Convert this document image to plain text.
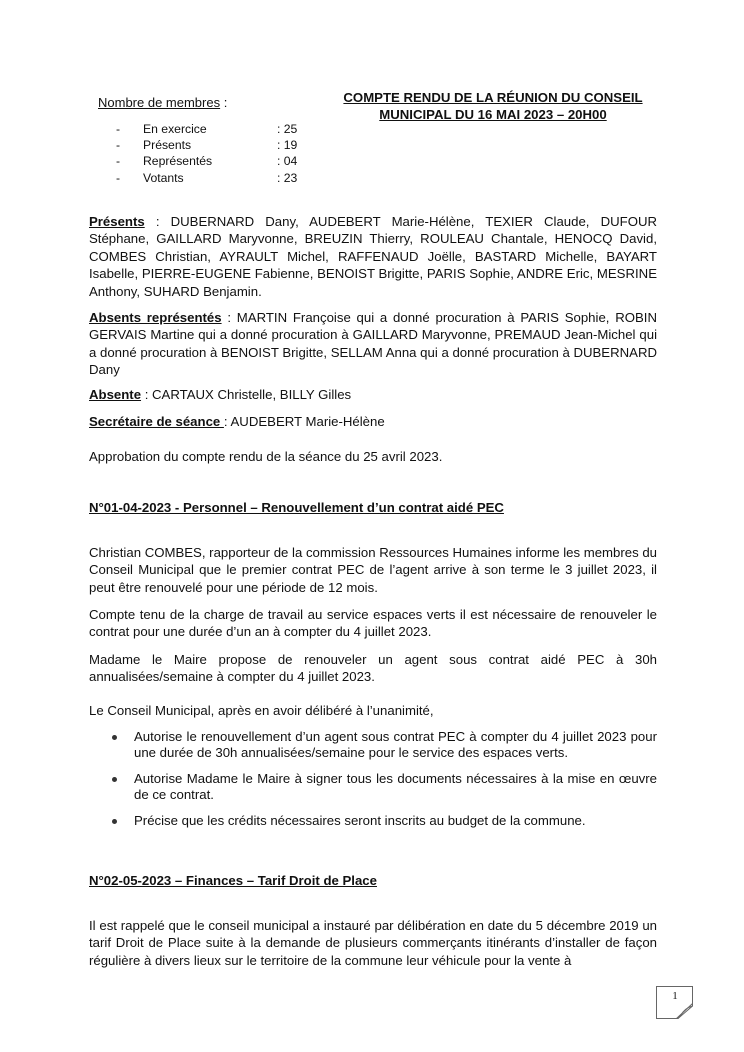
Nombre de membres :
- En exercice	: 25
- Présents	: 19
- Représentés	: 04
- Votants	: 23
COMPTE RENDU DE LA RÉUNION DU CONSEIL
MUNICIPAL DU 16 MAI 2023 – 20H00
Présents : DUBERNARD Dany, AUDEBERT Marie-Hélène, TEXIER Claude, DUFOUR Stéphane, GAILLARD Maryvonne, BREUZIN Thierry, ROULEAU Chantale, HENOCQ David, COMBES Christian, AYRAULT Michel, RAFFENAUD Joëlle, BASTARD Michelle, BAYART Isabelle, PIERRE-EUGENE Fabienne, BENOIST Brigitte, PARIS Sophie, ANDRE Eric, MESRINE Anthony, SUHARD Benjamin.
Absents représentés : MARTIN Françoise qui a donné procuration à PARIS Sophie, ROBIN GERVAIS Martine qui a donné procuration à GAILLARD Maryvonne, PREMAUD Jean-Michel qui a donné procuration à BENOIST Brigitte, SELLAM Anna qui a donné procuration à DUBERNARD Dany
Absente : CARTAUX Christelle, BILLY Gilles
Secrétaire de séance : AUDEBERT Marie-Hélène
Approbation du compte rendu de la séance du 25 avril 2023.
N°01-04-2023 - Personnel – Renouvellement d’un contrat aidé PEC
Christian COMBES, rapporteur de la commission Ressources Humaines informe les membres du Conseil Municipal que le premier contrat PEC de l’agent arrive à son terme le 3 juillet 2023, il peut être renouvelé pour une période de 12 mois.
Compte tenu de la charge de travail au service espaces verts il est nécessaire de renouveler le contrat pour une durée d’un an à compter du 4 juillet 2023.
Madame le Maire propose de renouveler un agent sous contrat aidé PEC à 30h annualisées/semaine à compter du 4 juillet 2023.
Le Conseil Municipal, après en avoir délibéré à l’unanimité,
Autorise le renouvellement d’un agent sous contrat PEC à compter du 4 juillet 2023 pour une durée de 30h annualisées/semaine pour le service des espaces verts.
Autorise Madame le Maire à signer tous les documents nécessaires à la mise en œuvre de ce contrat.
Précise que les crédits nécessaires seront inscrits au budget de la commune.
N°02-05-2023 – Finances – Tarif Droit de Place
Il est rappelé que le conseil municipal a instauré par délibération en date du 5 décembre 2019 un tarif Droit de Place suite à la demande de plusieurs commerçants itinérants d’installer de façon régulière à divers lieux sur le territoire de la commune leur véhicule pour la vente à
1
